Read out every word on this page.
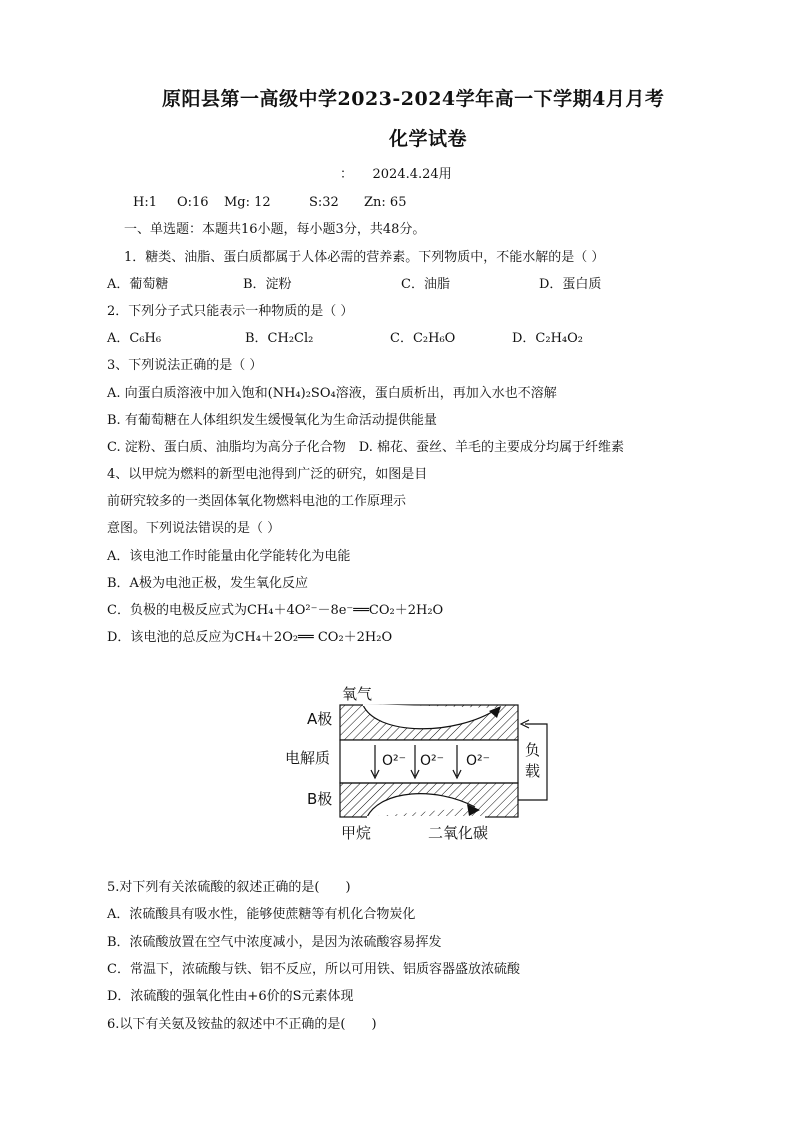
原阳县第一高级中学2023-2024学年高一下学期4月月考
化学试卷
：　　2024.4.24用
H:1 O:16 Mg: 12	S:32 Zn: 65
一、单选题：本题共16小题，每小题3分，共48分。
1．糖类、油脂、蛋白质都属于人体必需的营养素。下列物质中，不能水解的是（ ）
A．葡萄糖	B．淀粉	C．油脂	D．蛋白质
2．下列分子式只能表示一种物质的是（ ）
A．C₆H₆	B．CH₂Cl₂	C．C₂H₆O	D．C₂H₄O₂
3、下列说法正确的是（ ）
A. 向蛋白质溶液中加入饱和(NH₄)₂SO₄溶液，蛋白质析出，再加入水也不溶解
B. 有葡萄糖在人体组织发生缓慢氧化为生命活动提供能量
C. 淀粉、蛋白质、油脂均为高分子化合物　D. 棉花、蚕丝、羊毛的主要成分均属于纤维素
4、以甲烷为燃料的新型电池得到广泛的研究，如图是目
前研究较多的一类固体氧化物燃料电池的工作原理示
意图。下列说法错误的是（ ）
A．该电池工作时能量由化学能转化为电能
B．A极为电池正极，发生氧化反应
C．负极的电极反应式为CH₄＋4O²⁻－8e⁻══CO₂＋2H₂O
D．该电池的总反应为CH₄＋2O₂══ CO₂＋2H₂O
氧气
A极
电解质
B极
甲烷	二氧化碳
O²⁻ O²⁻ O²⁻
负
载
5.对下列有关浓硫酸的叙述正确的是(　　)
A．浓硫酸具有吸水性，能够使蔗糖等有机化合物炭化
B．浓硫酸放置在空气中浓度减小，是因为浓硫酸容易挥发
C．常温下，浓硫酸与铁、铝不反应，所以可用铁、铝质容器盛放浓硫酸
D．浓硫酸的强氧化性由+6价的S元素体现
6.以下有关氨及铵盐的叙述中不正确的是(　　)
